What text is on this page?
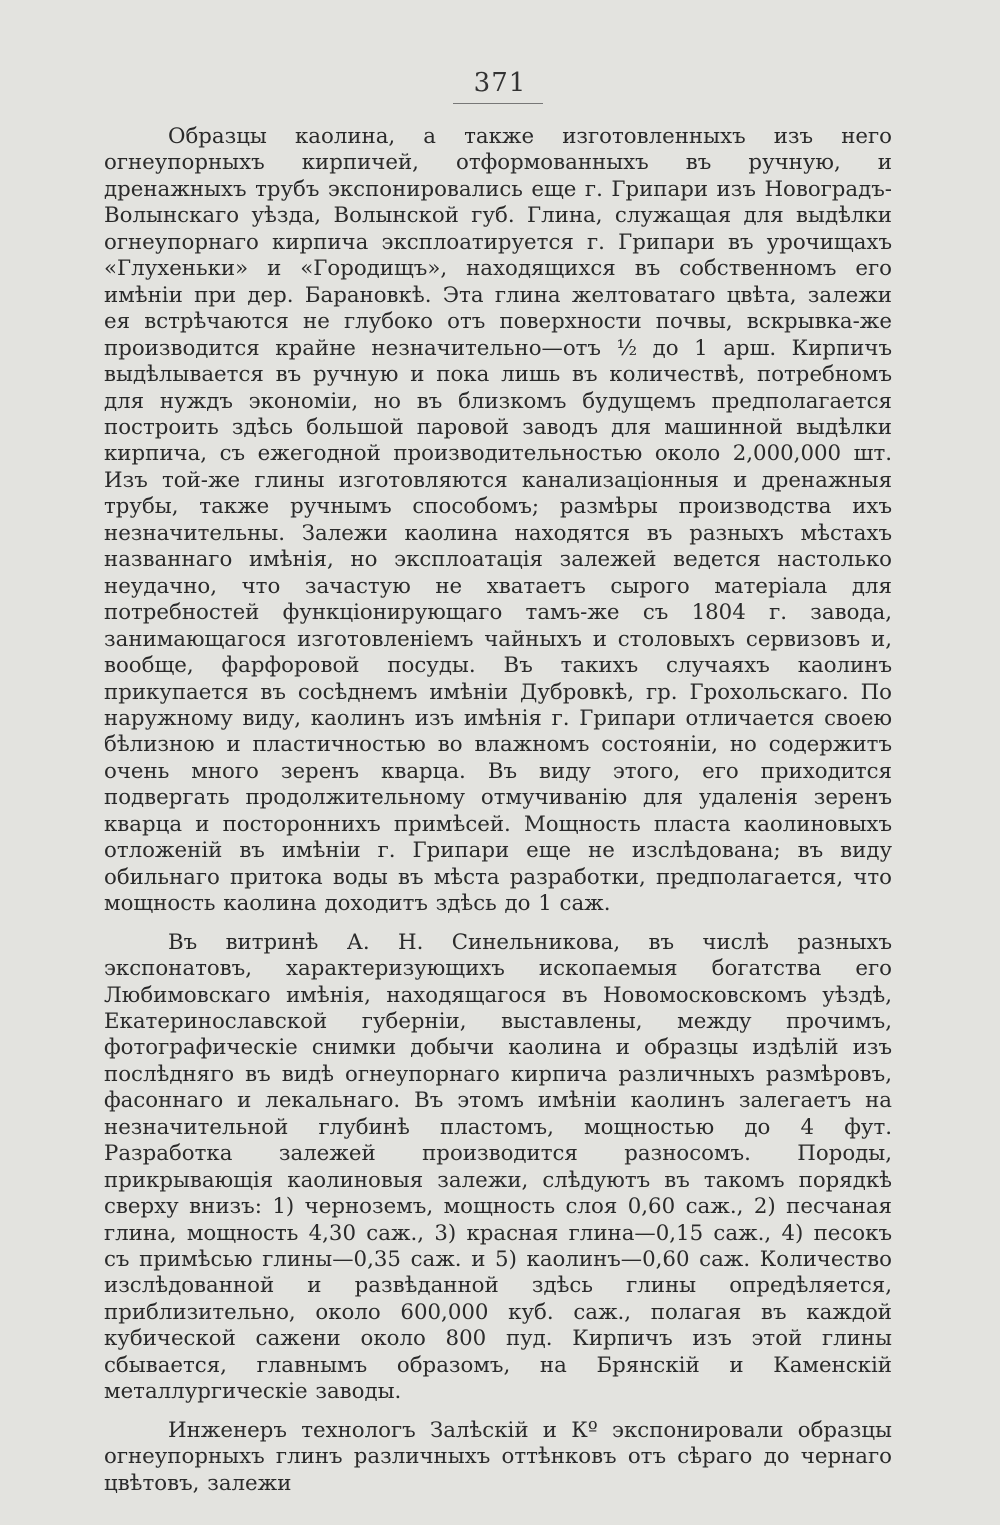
371

Образцы каолина, а также изготовленныхъ изъ него огнеупорныхъ кирпичей, отформованныхъ въ ручную, и дренажныхъ трубъ экспонировались еще г. Грипари изъ Новоградъ-Волынскаго уѣзда, Волынской губ. Глина, служащая для выдѣлки огнеупорнаго кирпича эксплоатируется г. Грипари въ урочищахъ «Глухеньки» и «Городищъ», находящихся въ собственномъ его имѣніи при дер. Барановкѣ. Эта глина желтоватаго цвѣта, залежи ея встрѣчаются не глубоко отъ поверхности почвы, вскрывка-же производится крайне незначительно—отъ ½ до 1 арш. Кирпичъ выдѣлывается въ ручную и пока лишь въ количествѣ, потребномъ для нуждъ экономіи, но въ близкомъ будущемъ предполагается построить здѣсь большой паровой заводъ для машинной выдѣлки кирпича, съ ежегодной производительностью около 2,000,000 шт. Изъ той-же глины изготовляются канализаціонныя и дренажныя трубы, также ручнымъ способомъ; размѣры производства ихъ незначительны. Залежи каолина находятся въ разныхъ мѣстахъ названнаго имѣнія, но эксплоатація залежей ведется настолько неудачно, что зачастую не хватаетъ сырого матеріала для потребностей функціонирующаго тамъ-же съ 1804 г. завода, занимающагося изготовленіемъ чайныхъ и столовыхъ сервизовъ и, вообще, фарфоровой посуды. Въ такихъ случаяхъ каолинъ прикупается въ сосѣднемъ имѣніи Дубровкѣ, гр. Грохольскаго. По наружному виду, каолинъ изъ имѣнія г. Грипари отличается своею бѣлизною и пластичностью во влажномъ состояніи, но содержитъ очень много зеренъ кварца. Въ виду этого, его приходится подвергать продолжительному отмучиванію для удаленія зеренъ кварца и постороннихъ примѣсей. Мощность пласта каолиновыхъ отложеній въ имѣніи г. Грипари еще не изслѣдована; въ виду обильнаго притока воды въ мѣста разработки, предполагается, что мощность каолина доходитъ здѣсь до 1 саж.

Въ витринѣ А. Н. Синельникова, въ числѣ разныхъ экспонатовъ, характеризующихъ ископаемыя богатства его Любимовскаго имѣнія, находящагося въ Новомосковскомъ уѣздѣ, Екатеринославской губерніи, выставлены, между прочимъ, фотографическіе снимки добычи каолина и образцы издѣлій изъ послѣдняго въ видѣ огнеупорнаго кирпича различныхъ размѣровъ, фасоннаго и лекальнаго. Въ этомъ имѣніи каолинъ залегаетъ на незначительной глубинѣ пластомъ, мощностью до 4 фут. Разработка залежей производится разносомъ. Породы, прикрывающія каолиновыя залежи, слѣдуютъ въ такомъ порядкѣ сверху внизъ: 1) черноземъ, мощность слоя 0,60 саж., 2) песчаная глина, мощность 4,30 саж., 3) красная глина—0,15 саж., 4) песокъ съ примѣсью глины—0,35 саж. и 5) каолинъ—0,60 саж. Количество изслѣдованной и развѣданной здѣсь глины опредѣляется, приблизительно, около 600,000 куб. саж., полагая въ каждой кубической сажени около 800 пуд. Кирпичъ изъ этой глины сбывается, главнымъ образомъ, на Брянскій и Каменскій металлургическіе заводы.

Инженеръ технологъ Залѣскій и Кº экспонировали образцы огнеупорныхъ глинъ различныхъ оттѣнковъ отъ сѣраго до чернаго цвѣтовъ, залежи
